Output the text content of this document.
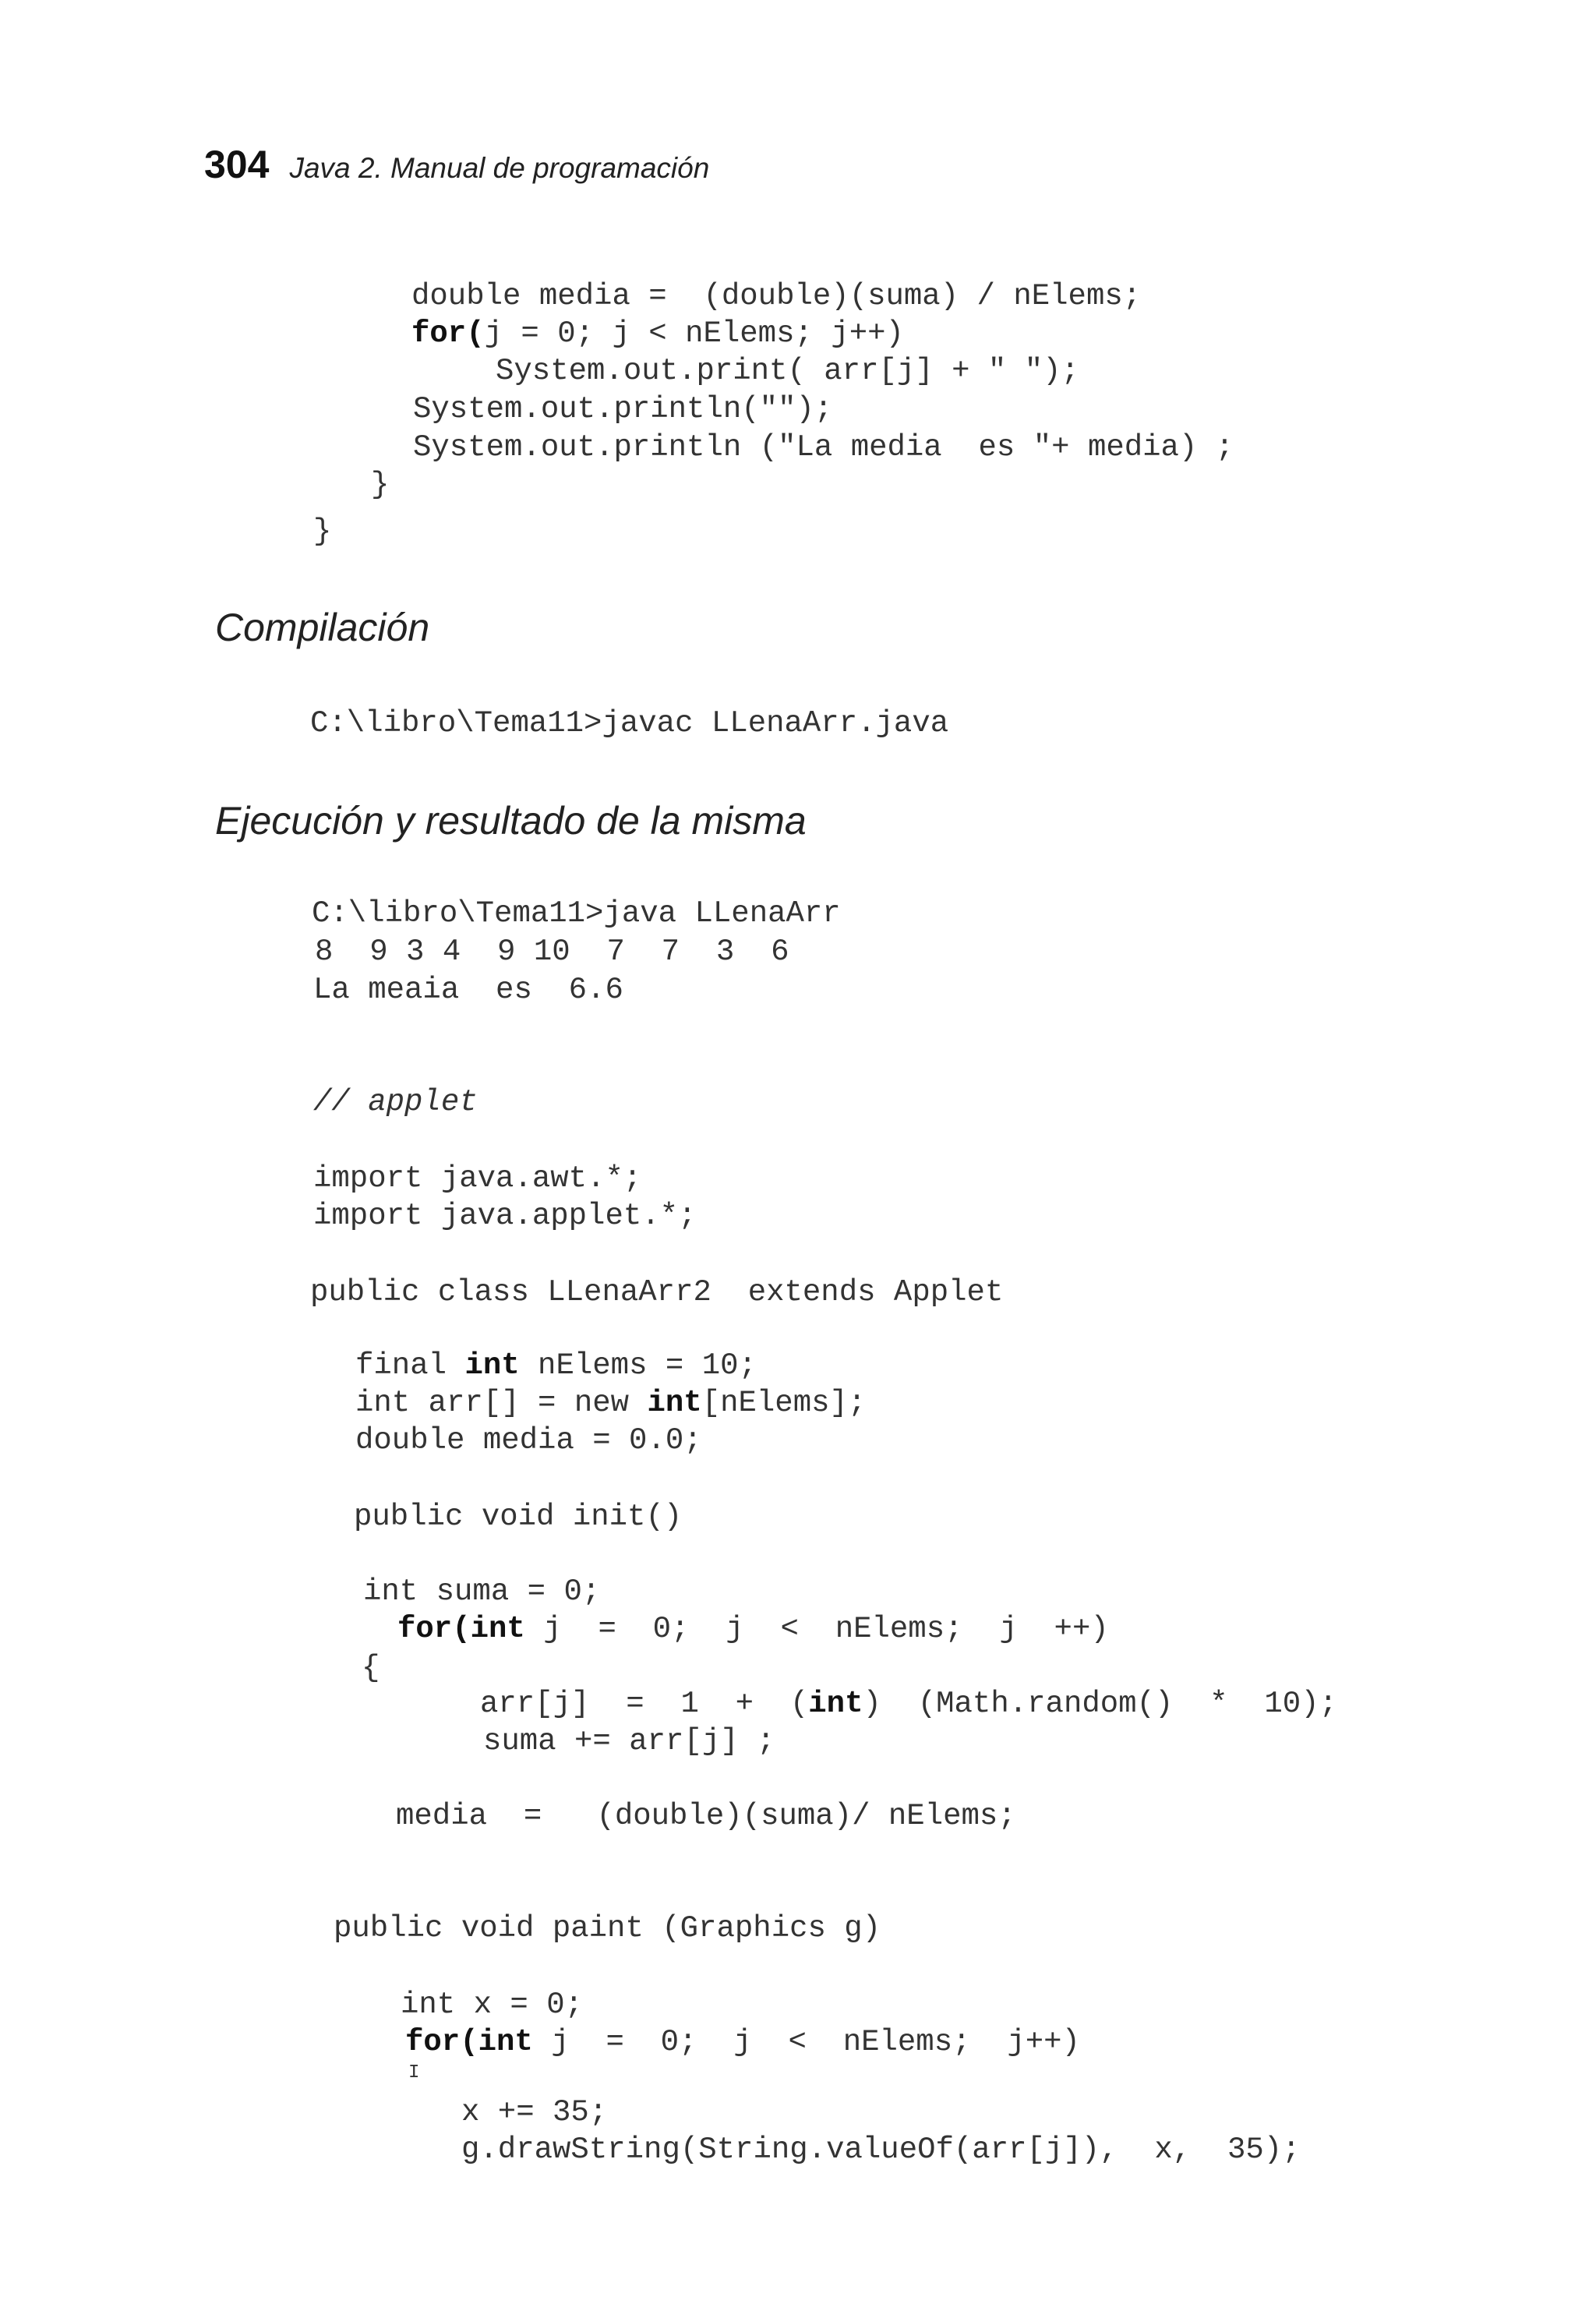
304 Java 2. Manual de programación

double media =  (double)(suma) / nElems;

for(j = 0; j < nElems; j++)

System.out.print( arr[j] + " ");

System.out.println("");

System.out.println ("La media  es "+ media) ;

}

}

Compilación
C:\libro\Tema11>javac LLenaArr.java
Ejecución y resultado de la misma
C:\libro\Tema11>java LLenaArr
8  9 3 4  9 10  7  7  3  6
La meaia  es  6.6

// applet

import java.awt.*;

import java.applet.*;

public class LLenaArr2  extends Applet

final int nElems = 10;

int arr[] = new int[nElems];

double media = 0.0;

public void init()

int suma = 0;

for(int j  =  0;  j  <  nElems;  j  ++)

{

arr[j]  =  1  +  (int)  (Math.random()  *  10);

suma += arr[j] ;

media  =   (double)(suma)/ nElems;

public void paint (Graphics g)

int x = 0;

for(int j  =  0;  j  <  nElems;  j++)

I

x += 35;

g.drawString(String.valueOf(arr[j]),  x,  35);
